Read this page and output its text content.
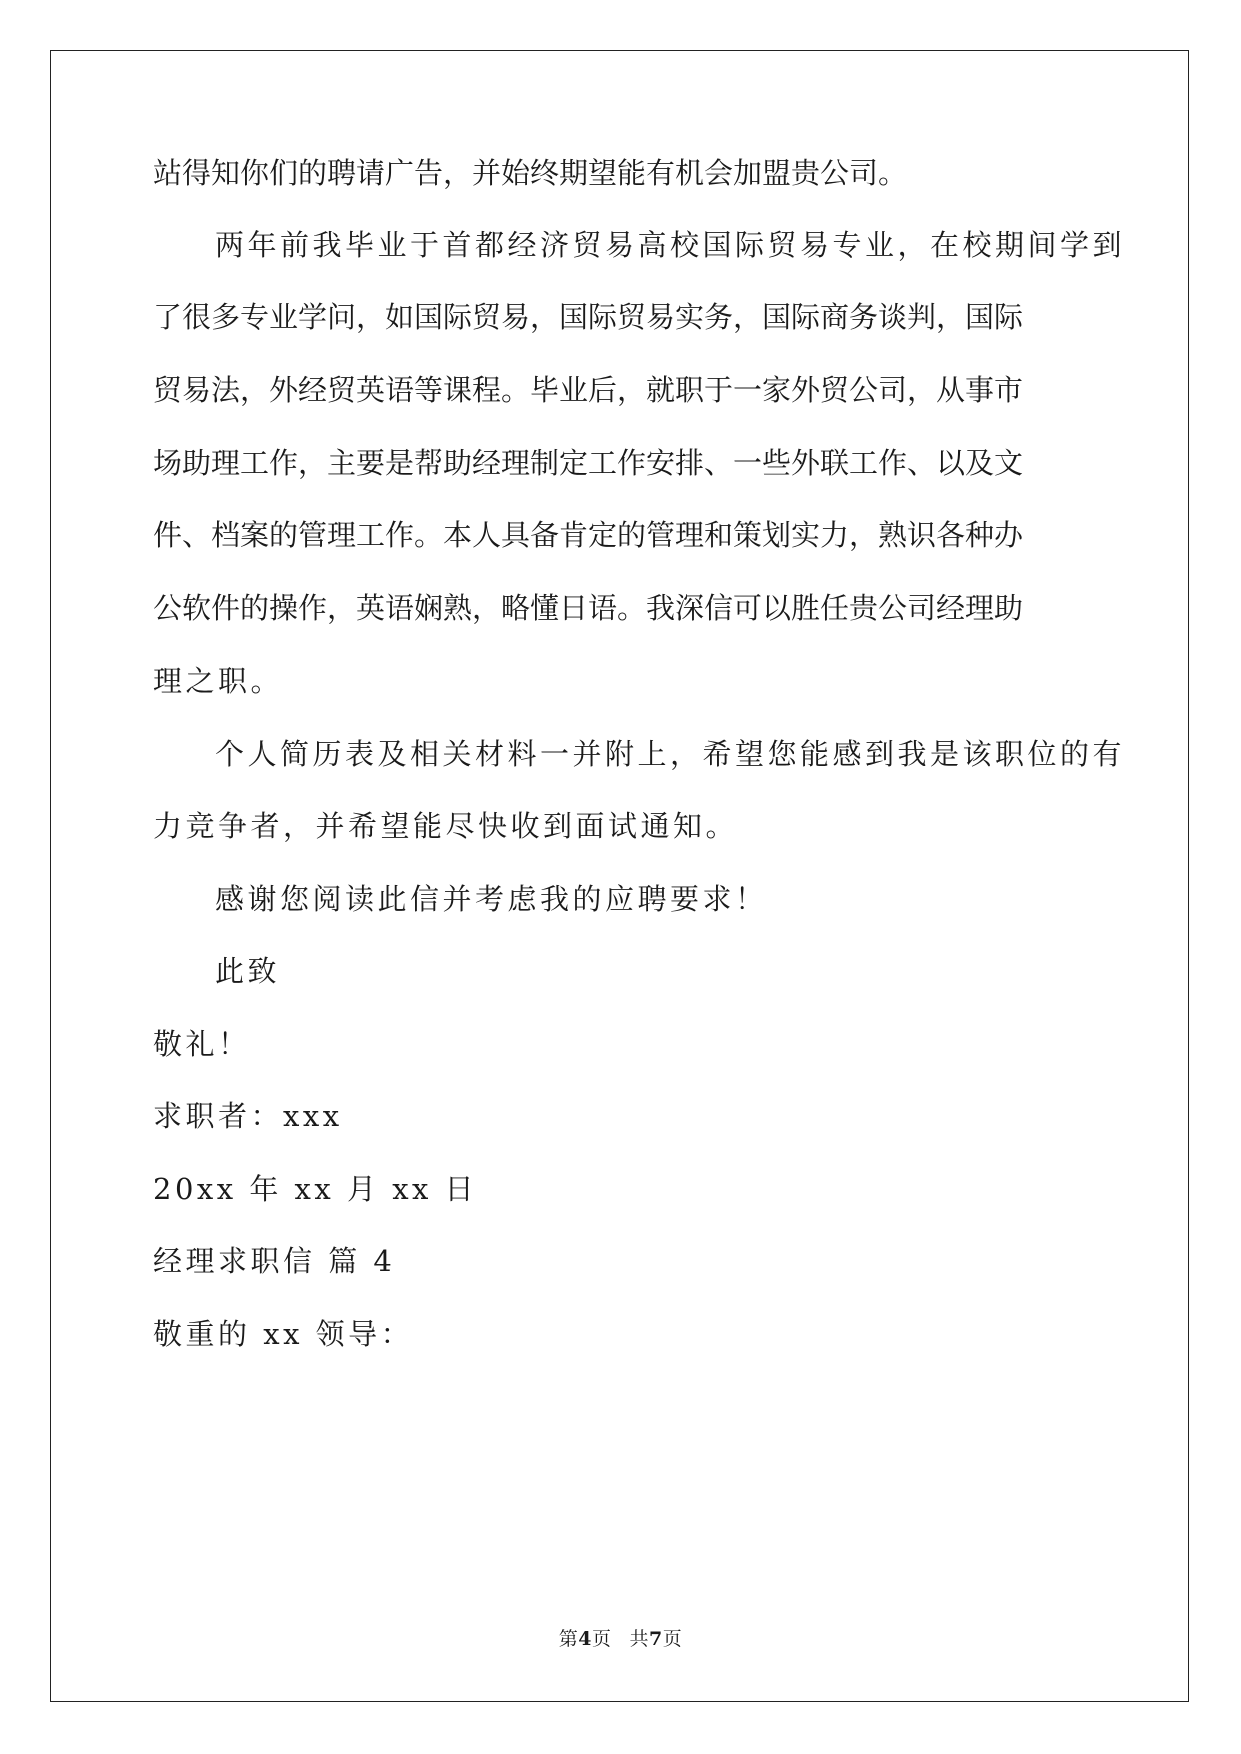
站得知你们的聘请广告，并始终期望能有机会加盟贵公司。
两年前我毕业于首都经济贸易高校国际贸易专业，在校期间学到
了很多专业学问，如国际贸易，国际贸易实务，国际商务谈判，国际
贸易法，外经贸英语等课程。毕业后，就职于一家外贸公司，从事市
场助理工作，主要是帮助经理制定工作安排、一些外联工作、以及文
件、档案的管理工作。本人具备肯定的管理和策划实力，熟识各种办
公软件的操作，英语娴熟，略懂日语。我深信可以胜任贵公司经理助
理之职。
个人简历表及相关材料一并附上，希望您能感到我是该职位的有
力竞争者，并希望能尽快收到面试通知。
感谢您阅读此信并考虑我的应聘要求！
此致
敬礼！
求职者：xxx
20xx 年 xx 月 xx 日
经理求职信 篇 4
敬重的 xx 领导：
第4页 共7页
